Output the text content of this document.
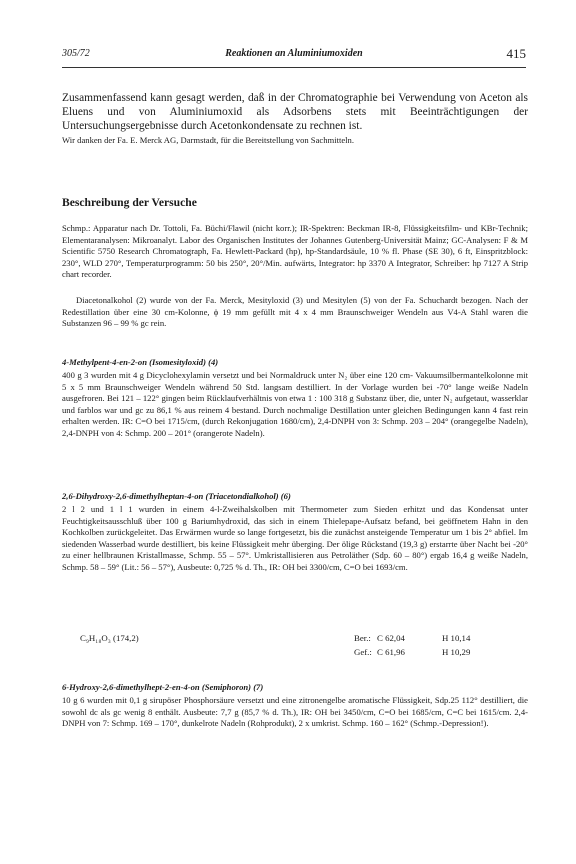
305/72	Reaktionen an Aluminiumoxiden	415
Zusammenfassend kann gesagt werden, daß in der Chromatographie bei Verwendung von Aceton als Eluens und von Aluminiumoxid als Adsorbens stets mit Beeinträchtigungen der Untersuchungsergebnisse durch Acetonkondensate zu rechnen ist.
Wir danken der Fa. E. Merck AG, Darmstadt, für die Bereitstellung von Sachmitteln.
Beschreibung der Versuche
Schmp.: Apparatur nach Dr. Tottoli, Fa. Büchi/Flawil (nicht korr.); IR-Spektren: Beckman IR-8, Flüssigkeitsfilm- und KBr-Technik; Elementaranalysen: Mikroanalyt. Labor des Organischen Institutes der Johannes Gutenberg-Universität Mainz; GC-Analysen: F & M Scientific 5750 Research Chromatograph, Fa. Hewlett-Packard (hp), hp-Standardsäule, 10 % fl. Phase (SE 30), 6 ft, Einspritzblock: 230°, WLD 270°, Temperaturprogramm: 50 bis 250°, 20°/Min. aufwärts, Integrator: hp 3370 A Integrator, Schreiber: hp 7127 A Strip chart recorder.
Diacetonalkohol (2) wurde von der Fa. Merck, Mesityloxid (3) und Mesitylen (5) von der Fa. Schuchardt bezogen. Nach der Redestillation über eine 30 cm-Kolonne, ϕ 19 mm gefüllt mit 4 x 4 mm Braunschweiger Wendeln aus V4-A Stahl waren die Substanzen 96 – 99 % gc rein.
4-Methylpent-4-en-2-on (Isomesityloxid) (4)
400 g 3 wurden mit 4 g Dicyclohexylamin versetzt und bei Normaldruck unter N₂ über eine 120 cm- Vakuumsilbermantelkolonne mit 5 x 5 mm Braunschweiger Wendeln während 50 Std. langsam destilliert. In der Vorlage wurden bei -70° lange weiße Nadeln ausgefroren. Bei 121 – 122° gingen beim Rücklaufverhältnis von etwa 1 : 100 318 g Substanz über, die, unter N₂ aufgetaut, wasserklar und farblos war und gc zu 86,1 % aus reinem 4 bestand. Durch nochmalige Destillation unter gleichen Bedingungen kann 4 fast rein erhalten werden. IR: C=O bei 1715/cm, (durch Rekonjugation 1680/cm), 2,4-DNPH von 3: Schmp. 203 – 204° (orangegelbe Nadeln), 2,4-DNPH von 4: Schmp. 200 – 201° (orangerote Nadeln).
2,6-Dihydroxy-2,6-dimethylheptan-4-on (Triacetondialkohol) (6)
2 l 2 und 1 l 1 wurden in einem 4-l-Zweihalskolben mit Thermometer zum Sieden erhitzt und das Kondensat unter Feuchtigkeitsausschluß über 100 g Bariumhydroxid, das sich in einem Thielepape-Aufsatz befand, bei geöffnetem Hahn in den Kochkolben zurückgeleitet. Das Erwärmen wurde so lange fortgesetzt, bis die zunächst ansteigende Temperatur um 1 bis 2° abfiel. Im siedenden Wasserbad wurde destilliert, bis keine Flüssigkeit mehr überging. Der ölige Rückstand (19,3 g) erstarrte über Nacht bei -20° zu einer hellbraunen Kristallmasse, Schmp. 55 – 57°. Umkristallisieren aus Petroläther (Sdp. 60 – 80°) ergab 16,4 g weiße Nadeln, Schmp. 58 – 59° (Lit.: 56 – 57°), Ausbeute: 0,725 % d. Th., IR: OH bei 3300/cm, C=O bei 1693/cm.
C₉H₁₈O₃ (174,2)	Ber.: C 62,04	H 10,14
Gef.: C 61,96	H 10,29
6-Hydroxy-2,6-dimethylhept-2-en-4-on (Semiphoron) (7)
10 g 6 wurden mit 0,1 g sirupöser Phosphorsäure versetzt und eine zitronengelbe aromatische Flüssigkeit, Sdp.25 112° destilliert, die sowohl dc als gc wenig 8 enthält. Ausbeute: 7,7 g (85,7 % d. Th.), IR: OH bei 3450/cm, C=O bei 1685/cm, C=C bei 1615/cm. 2,4-DNPH von 7: Schmp. 169 – 170°, dunkelrote Nadeln (Rohprodukt), 2 x umkrist. Schmp. 160 – 162° (Schmp.-Depression!).
